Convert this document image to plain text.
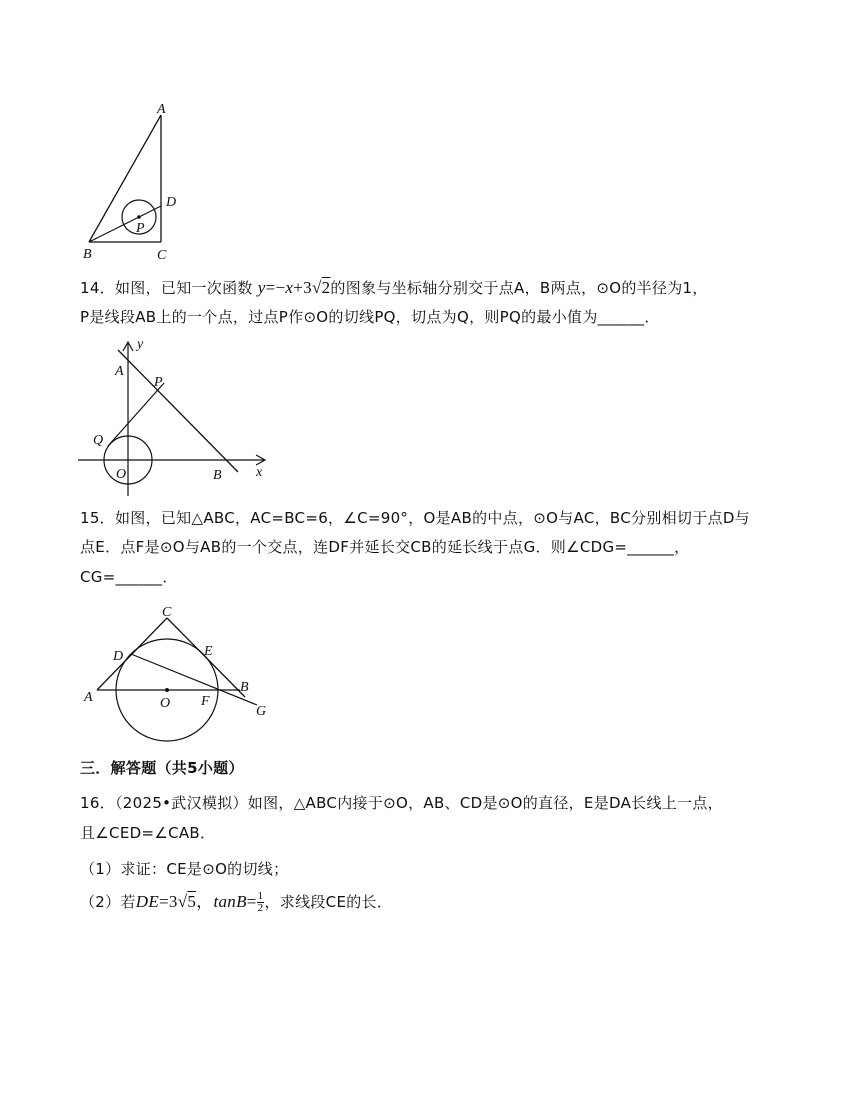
A
D
P
B	C
14．如图，已知一次函数 y=−x+3√2的图象与坐标轴分别交于点A，B两点，⊙O的半径为1，
P是线段AB上的一个点，过点P作⊙O的切线PQ，切点为Q，则PQ的最小值为______．
y
A
P
Q
O	B x
15．如图，已知△ABC，AC=BC=6，∠C=90°，O是AB的中点，⊙O与AC，BC分别相切于点D与
点E．点F是⊙O与AB的一个交点，连DF并延长交CB的延长线于点G．则∠CDG=______，
CG=______．
C
D	E
A	O F
B
G
三．解答题（共5小题）
16．（2025•武汉模拟）如图，△ABC内接于⊙O，AB、CD是⊙O的直径，E是DA长线上一点，
且∠CED=∠CAB．
（1）求证：CE是⊙O的切线；
（2）若DE=3√5，$\tan B= \frac{1}{2}$ ，求线段CE的长．
